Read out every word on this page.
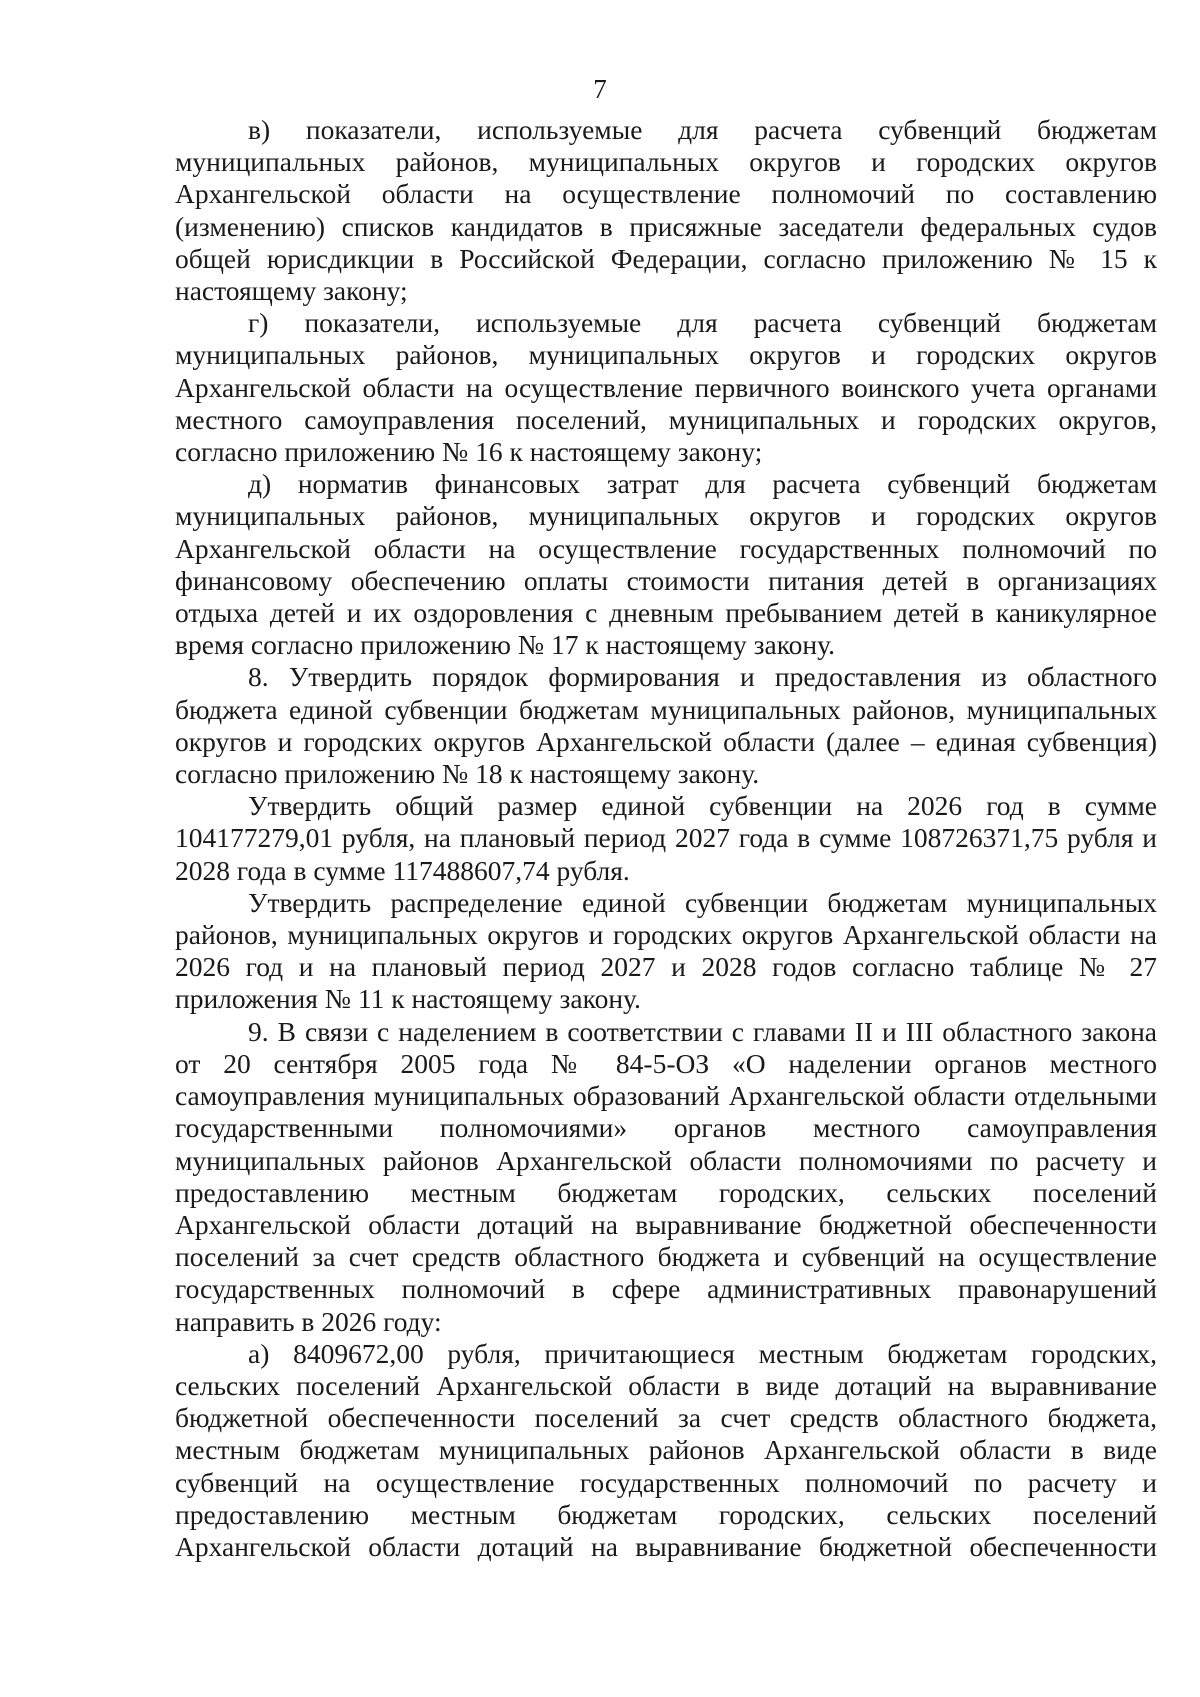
7

в) показатели, используемые для расчета субвенций бюджетам муниципальных районов, муниципальных округов и городских округов Архангельской области на осуществление полномочий по составлению (изменению) списков кандидатов в присяжные заседатели федеральных судов общей юрисдикции в Российской Федерации, согласно приложению № 15 к настоящему закону;

г) показатели, используемые для расчета субвенций бюджетам муниципальных районов, муниципальных округов и городских округов Архангельской области на осуществление первичного воинского учета органами местного самоуправления поселений, муниципальных и городских округов, согласно приложению № 16 к настоящему закону;

д) норматив финансовых затрат для расчета субвенций бюджетам муниципальных районов, муниципальных округов и городских округов Архангельской области на осуществление государственных полномочий по финансовому обеспечению оплаты стоимости питания детей в организациях отдыха детей и их оздоровления с дневным пребыванием детей в каникулярное время согласно приложению № 17 к настоящему закону.

8. Утвердить порядок формирования и предоставления из областного бюджета единой субвенции бюджетам муниципальных районов, муниципальных округов и городских округов Архангельской области (далее – единая субвенция) согласно приложению № 18 к настоящему закону.

Утвердить общий размер единой субвенции на 2026 год в сумме 104177279,01 рубля, на плановый период 2027 года в сумме 108726371,75 рубля и 2028 года в сумме 117488607,74 рубля.

Утвердить распределение единой субвенции бюджетам муниципальных районов, муниципальных округов и городских округов Архангельской области на 2026 год и на плановый период 2027 и 2028 годов согласно таблице № 27 приложения № 11 к настоящему закону.

9. В связи с наделением в соответствии с главами II и III областного закона от 20 сентября 2005 года № 84-5-ОЗ «О наделении органов местного самоуправления муниципальных образований Архангельской области отдельными государственными полномочиями» органов местного самоуправления муниципальных районов Архангельской области полномочиями по расчету и предоставлению местным бюджетам городских, сельских поселений Архангельской области дотаций на выравнивание бюджетной обеспеченности поселений за счет средств областного бюджета и субвенций на осуществление государственных полномочий в сфере административных правонарушений направить в 2026 году:

а) 8409672,00 рубля, причитающиеся местным бюджетам городских, сельских поселений Архангельской области в виде дотаций на выравнивание бюджетной обеспеченности поселений за счет средств областного бюджета, местным бюджетам муниципальных районов Архангельской области в виде субвенций на осуществление государственных полномочий по расчету и предоставлению местным бюджетам городских, сельских поселений Архангельской области дотаций на выравнивание бюджетной обеспеченности
